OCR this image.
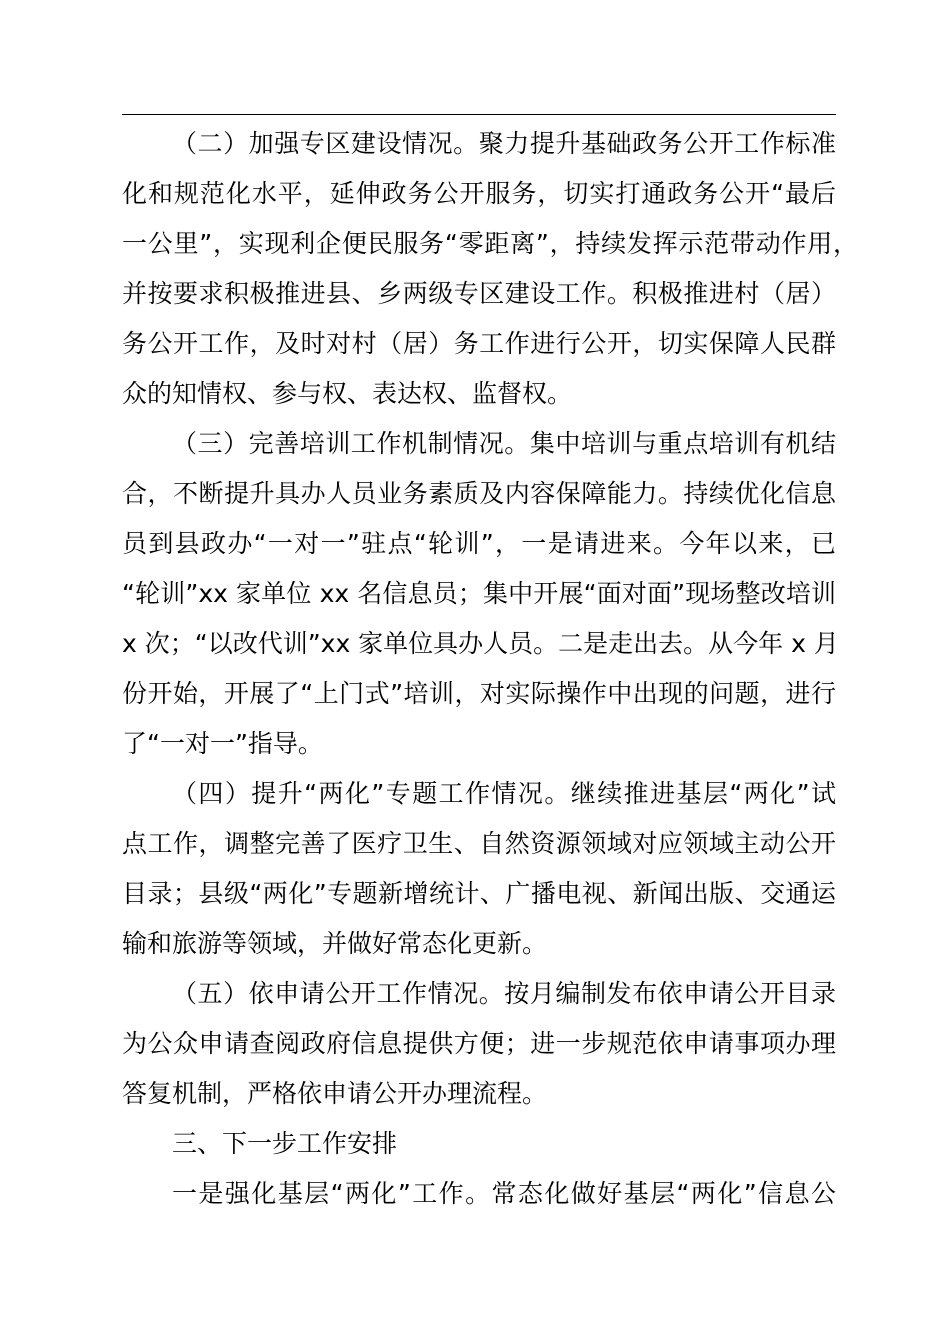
（二）加强专区建设情况。聚力提升基础政务公开工作标准
化和规范化水平，延伸政务公开服务，切实打通政务公开“最后
一公里”，实现利企便民服务“零距离”，持续发挥示范带动作用，
并按要求积极推进县、乡两级专区建设工作。积极推进村（居）
务公开工作，及时对村（居）务工作进行公开，切实保障人民群
众的知情权、参与权、表达权、监督权。
（三）完善培训工作机制情况。集中培训与重点培训有机结
合，不断提升具办人员业务素质及内容保障能力。持续优化信息
员到县政办“一对一”驻点“轮训”，一是请进来。今年以来，已
“轮训”xx 家单位 xx 名信息员；集中开展“面对面”现场整改培训
x 次；“以改代训”xx 家单位具办人员。二是走出去。从今年 x 月
份开始，开展了“上门式”培训，对实际操作中出现的问题，进行
了“一对一”指导。
（四）提升“两化”专题工作情况。继续推进基层“两化”试
点工作，调整完善了医疗卫生、自然资源领域对应领域主动公开
目录；县级“两化”专题新增统计、广播电视、新闻出版、交通运
输和旅游等领域，并做好常态化更新。
（五）依申请公开工作情况。按月编制发布依申请公开目录
为公众申请查阅政府信息提供方便；进一步规范依申请事项办理
答复机制，严格依申请公开办理流程。
三、下一步工作安排
一是强化基层“两化”工作。常态化做好基层“两化”信息公
